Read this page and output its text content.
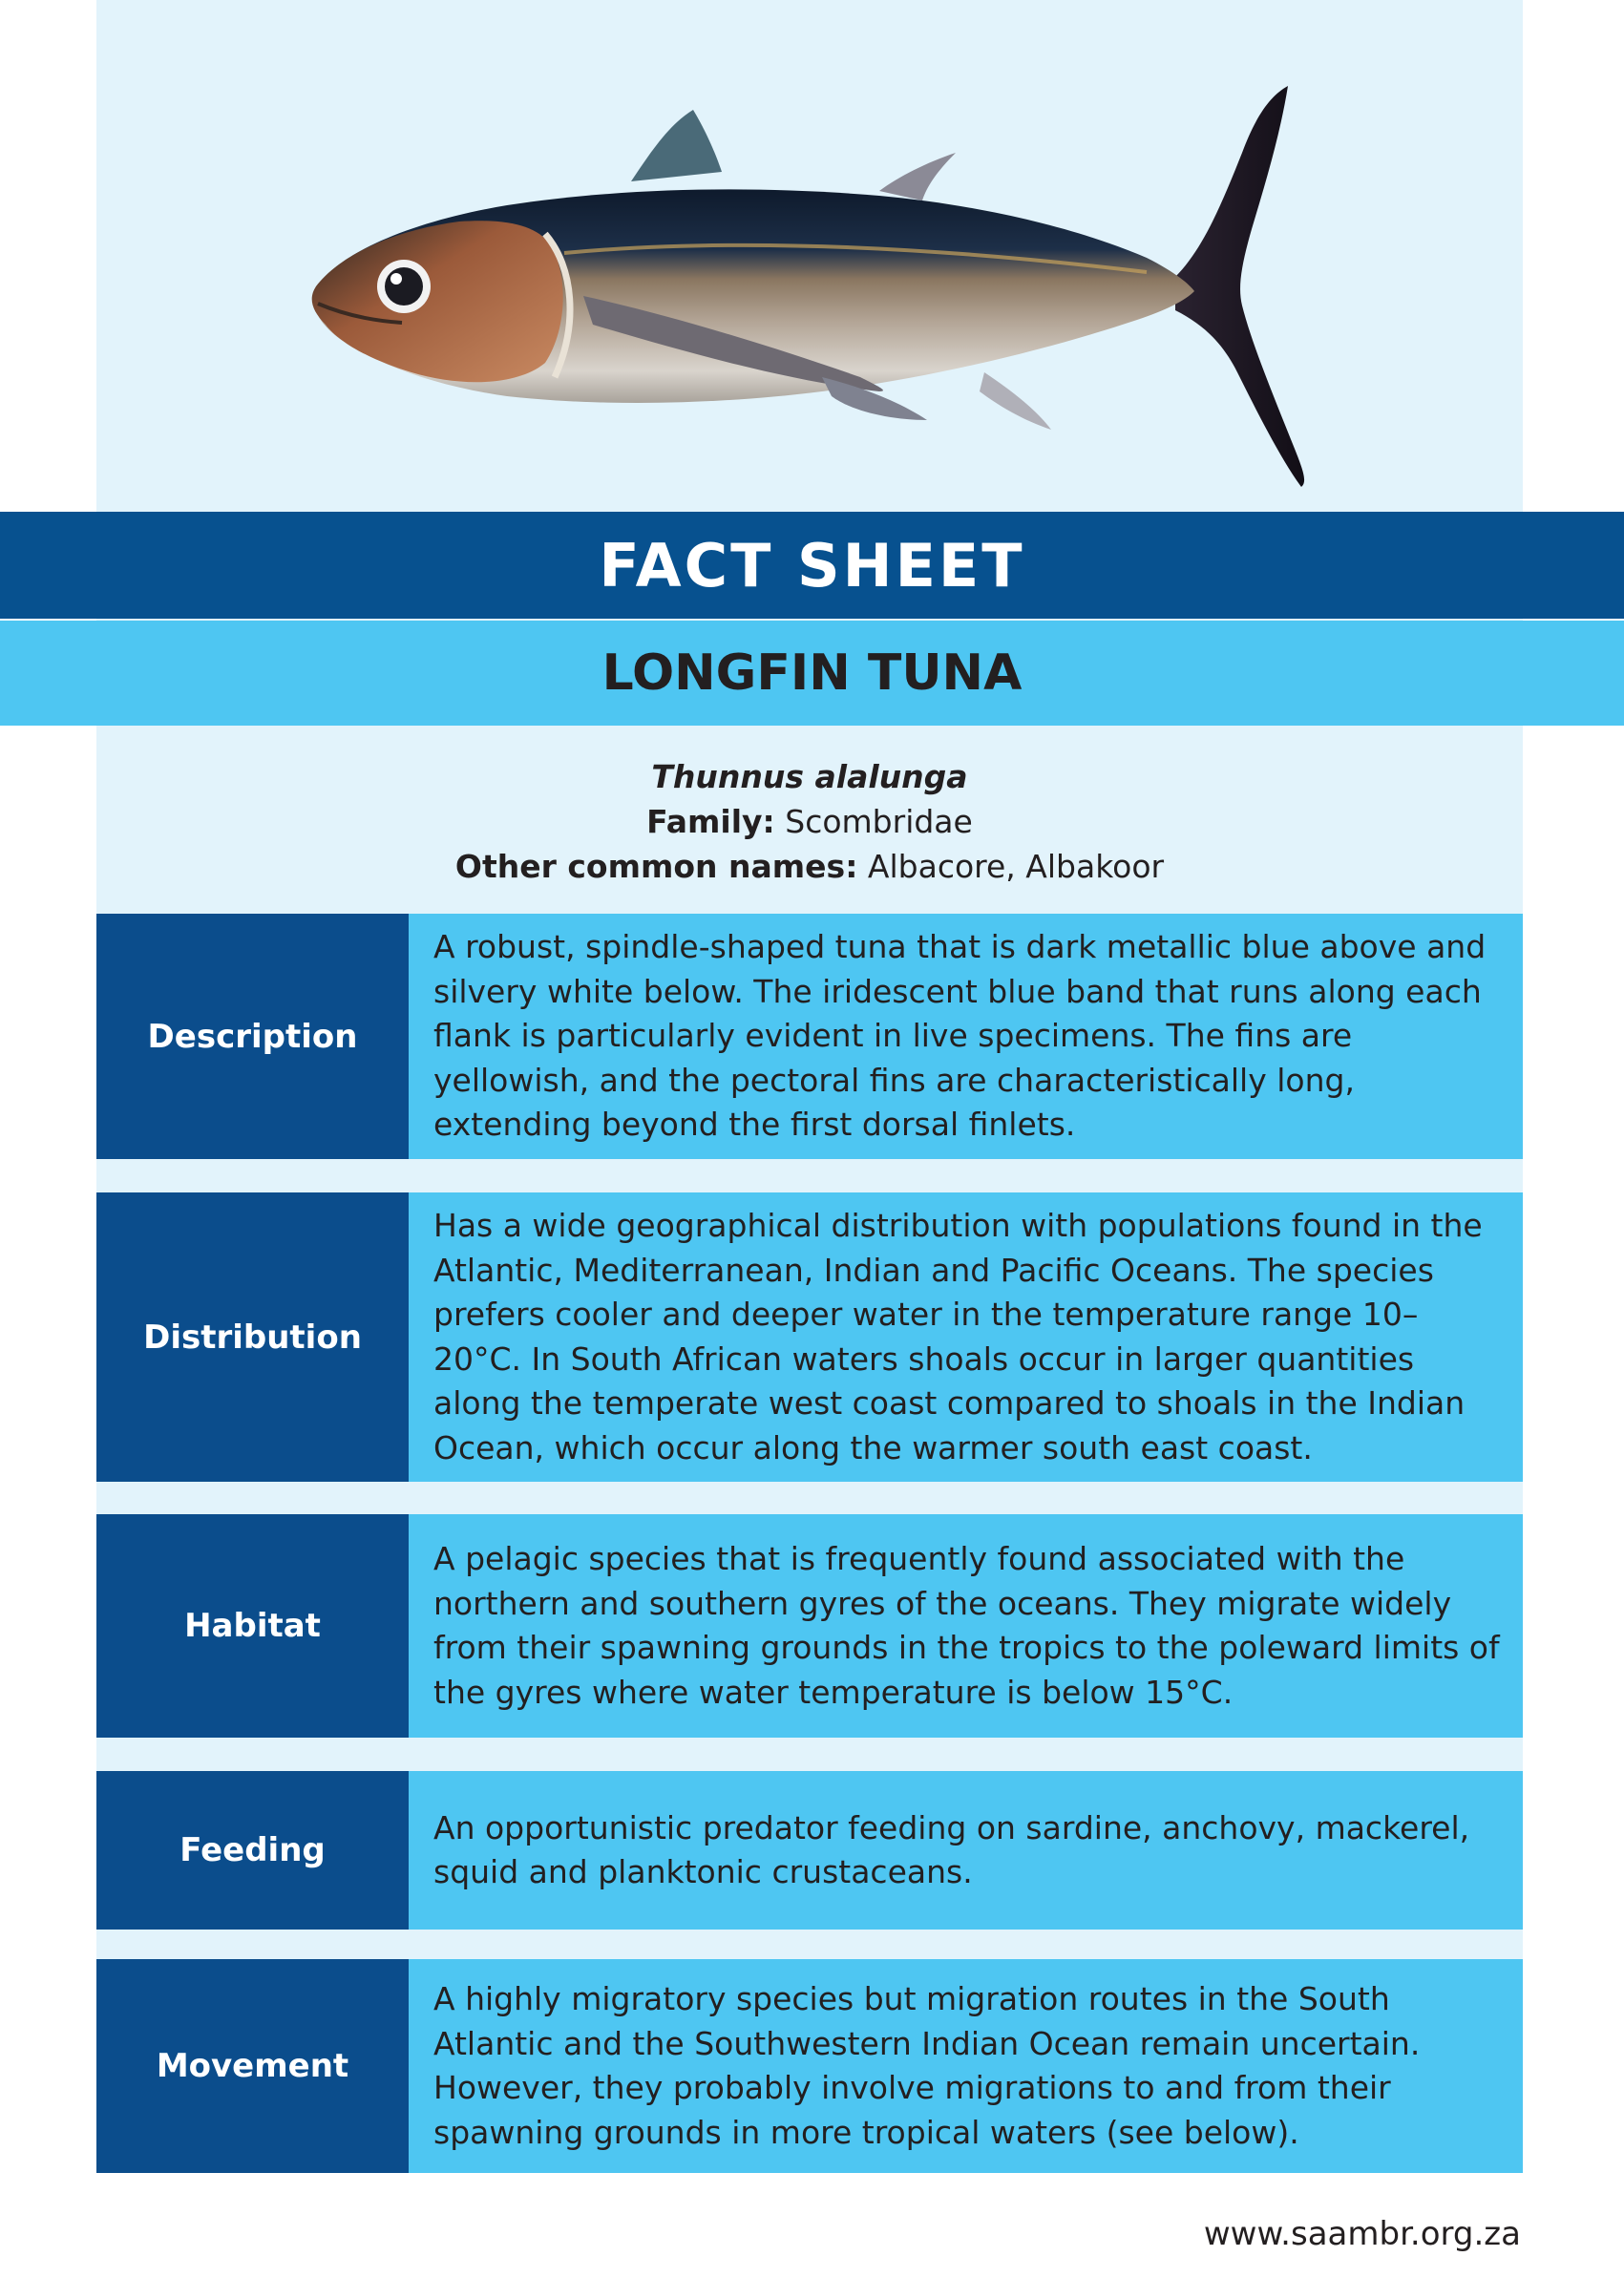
FACT SHEET
LONGFIN TUNA
Thunnus alalunga
Family: Scombridae
Other common names: Albacore, Albakoor
Description
A robust, spindle-shaped tuna that is dark metallic blue above and silvery white below. The iridescent blue band that runs along each flank is particularly evident in live specimens. The fins are yellowish, and the pectoral fins are characteristically long, extending beyond the first dorsal finlets.
Distribution
Has a wide geographical distribution with populations found in the Atlantic, Mediterranean, Indian and Pacific Oceans. The species prefers cooler and deeper water in the temperature range 10–20°C. In South African waters shoals occur in larger quantities along the temperate west coast compared to shoals in the Indian Ocean, which occur along the warmer south east coast.
Habitat
A pelagic species that is frequently found associated with the northern and southern gyres of the oceans. They migrate widely from their spawning grounds in the tropics to the poleward limits of the gyres where water temperature is below 15°C.
Feeding
An opportunistic predator feeding on sardine, anchovy, mackerel, squid and planktonic crustaceans.
Movement
A highly migratory species but migration routes in the South Atlantic and the Southwestern Indian Ocean remain uncertain. However, they probably involve migrations to and from their spawning grounds in more tropical waters (see below).
www.saambr.org.za
